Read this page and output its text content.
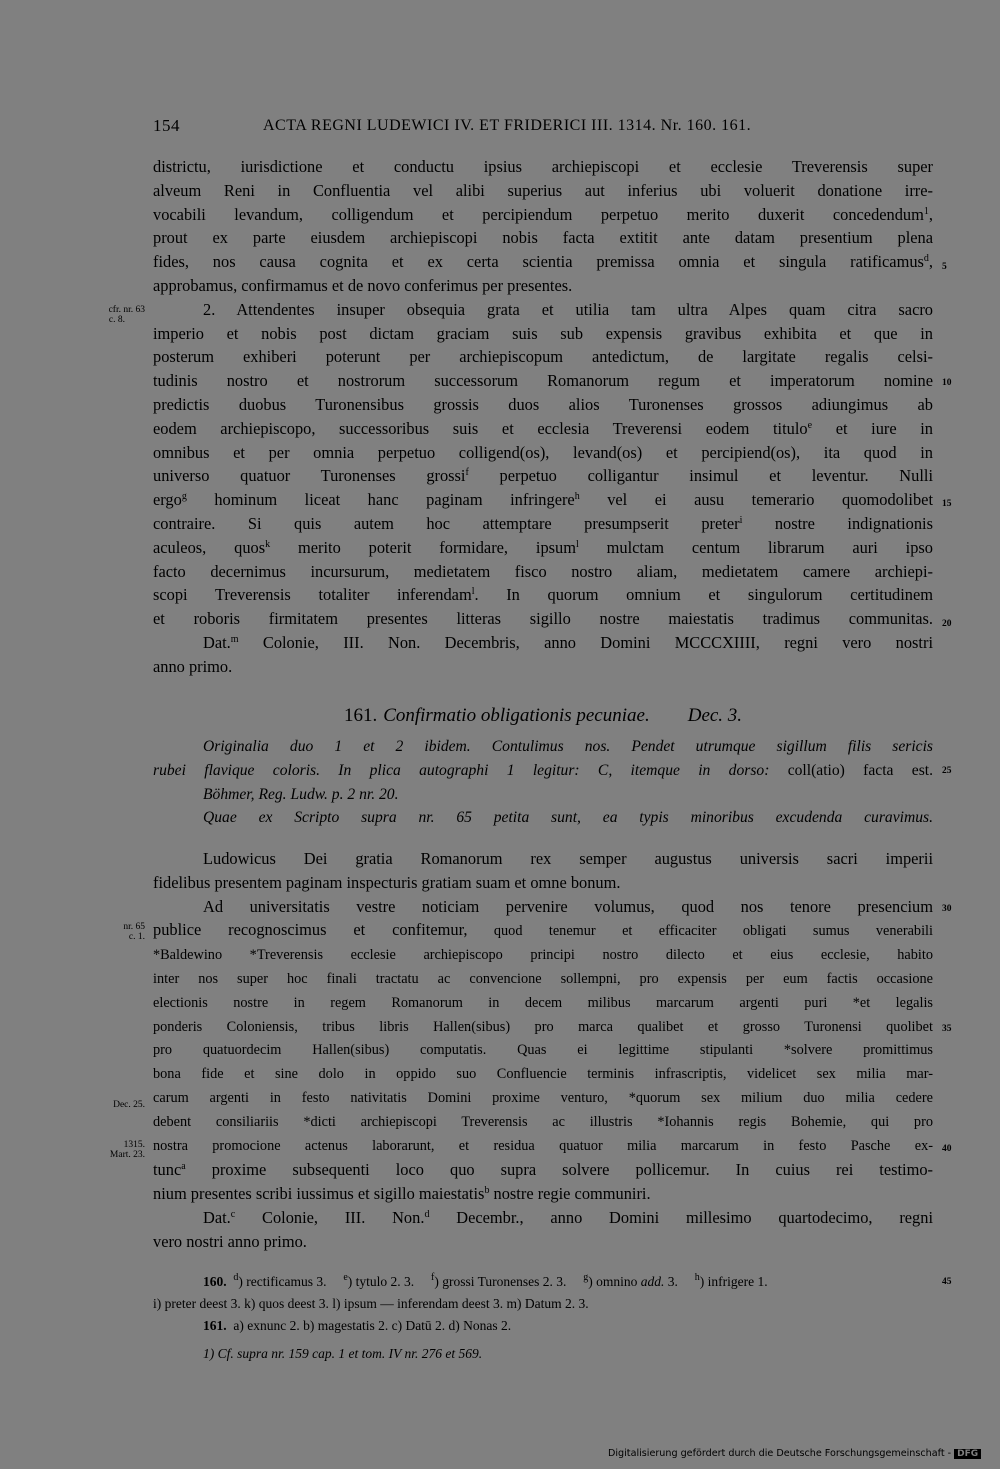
154	ACTA REGNI LUDEWICI IV. ET FRIDERICI III. 1314. Nr. 160. 161.
districtu, iurisdictione et conductu ipsius archiepiscopi et ecclesie Treverensis super
alveum Reni in Confluentia vel alibi superius aut inferius ubi voluerit donatione irre-
vocabili levandum, colligendum et percipiendum perpetuo merito duxerit concedendum$^1$,
prout ex parte eiusdem archiepiscopi nobis facta extitit ante datam presentium plena
fides, nos causa cognita et ex certa scientia premissa omnia et singula ratificamus$^d$,
approbamus, confirmamus et de novo conferimus per presentes.
2. Attendentes insuper obsequia grata et utilia tam ultra Alpes quam citra sacro
imperio et nobis post dictam graciam suis sub expensis gravibus exhibita et que in
posterum exhiberi poterunt per archiepiscopum antedictum, de largitate regalis celsi-
tudinis nostro et nostrorum successorum Romanorum regum et imperatorum nomine
predictis duobus Turonensibus grossis duos alios Turonenses grossos adiungimus ab
eodem archiepiscopo, successoribus suis et ecclesia Treverensi eodem titulo$^e$ et iure in
omnibus et per omnia perpetuo colligend(os), levand(os) et percipiend(os), ita quod in
universo quatuor Turonenses grossi$^f$ perpetuo colligantur insimul et leventur. Nulli
ergo$^g$ hominum liceat hanc paginam infringere$^h$ vel ei ausu temerario quomodolibet
contraire. Si quis autem hoc attemptare presumpserit preter$^i$ nostre indignationis
aculeos, quos$^k$ merito poterit formidare, ipsum$^l$ mulctam centum librarum auri ipso
facto decernimus incursurum, medietatem fisco nostro aliam, medietatem camere archiepi-
scopi Treverensis totaliter inferendam$^l$. In quorum omnium et singulorum certitudinem
et roboris firmitatem presentes litteras sigillo nostre maiestatis tradimus communitas.
Dat.$^m$ Colonie, III. Non. Decembris, anno Domini MCCCXIIII, regni vero nostri
anno primo.
cfr. nr. 63
c. 8.
5
10
15
20
161. Confirmatio obligationis pecuniae. Dec. 3.
Originalia duo 1 et 2 ibidem. Contulimus nos. Pendet utrumque sigillum filis sericis
rubei flavique coloris. In plica autographi 1 legitur: C, itemque in dorso: coll(atio) facta est.
Böhmer, Reg. Ludw. p. 2 nr. 20.
Quae ex Scripto supra nr. 65 petita sunt, ea typis minoribus excudenda curavimus.
25
Ludowicus Dei gratia Romanorum rex semper augustus universis sacri imperii
fidelibus presentem paginam inspecturis gratiam suam et omne bonum.
Ad universitatis vestre noticiam pervenire volumus, quod nos tenore presencium
publice recognoscimus et confitemur, quod tenemur et efficaciter obligati sumus venerabili
*Baldewino *Treverensis ecclesie archiepiscopo principi nostro dilecto et eius ecclesie, habito
inter nos super hoc finali tractatu ac convencione sollempni, pro expensis per eum factis occasione
electionis nostre in regem Romanorum in decem milibus marcarum argenti puri *et legalis
ponderis Coloniensis, tribus libris Hallen(sibus) pro marca qualibet et grosso Turonensi quolibet
pro quatuordecim Hallen(sibus) computatis. Quas ei legittime stipulanti *solvere promittimus
bona fide et sine dolo in oppido suo Confluencie terminis infrascriptis, videlicet sex milia mar-
carum argenti in festo nativitatis Domini proxime venturo, *quorum sex milium duo milia cedere
debent consiliariis *dicti archiepiscopi Treverensis ac illustris *Iohannis regis Bohemie, qui pro
nostra promocione actenus laborarunt, et residua quatuor milia marcarum in festo Pasche ex-
tunc$^a$ proxime subsequenti loco quo supra solvere pollicemur. In cuius rei testimo-
nium presentes scribi iussimus et sigillo maiestatis$^b$ nostre regie communiri.
Dat.$^c$ Colonie, III. Non.$^d$ Decembr., anno Domini millesimo quartodecimo, regni
vero nostri anno primo.
nr. 65
c. 1.
Dec. 25.
1315.
Mart. 23.
30
35
40
45
160. $^d$) rectificamus 3. $^e$) tytulo 2. 3. $^f$) grossi Turonenses 2. 3. $^g$) omnino add. 3. $^h$) infrigere 1.
i) preter deest 3. k) quos deest 3. l) ipsum — inferendam deest 3. m) Datum 2. 3.
161. a) exnunc 2. b) magestatis 2. c) Datū 2. d) Nonas 2.
1) Cf. supra nr. 159 cap. 1 et tom. IV nr. 276 et 569.
Digitalisierung gefördert durch die Deutsche Forschungsgemeinschaft - DFG
